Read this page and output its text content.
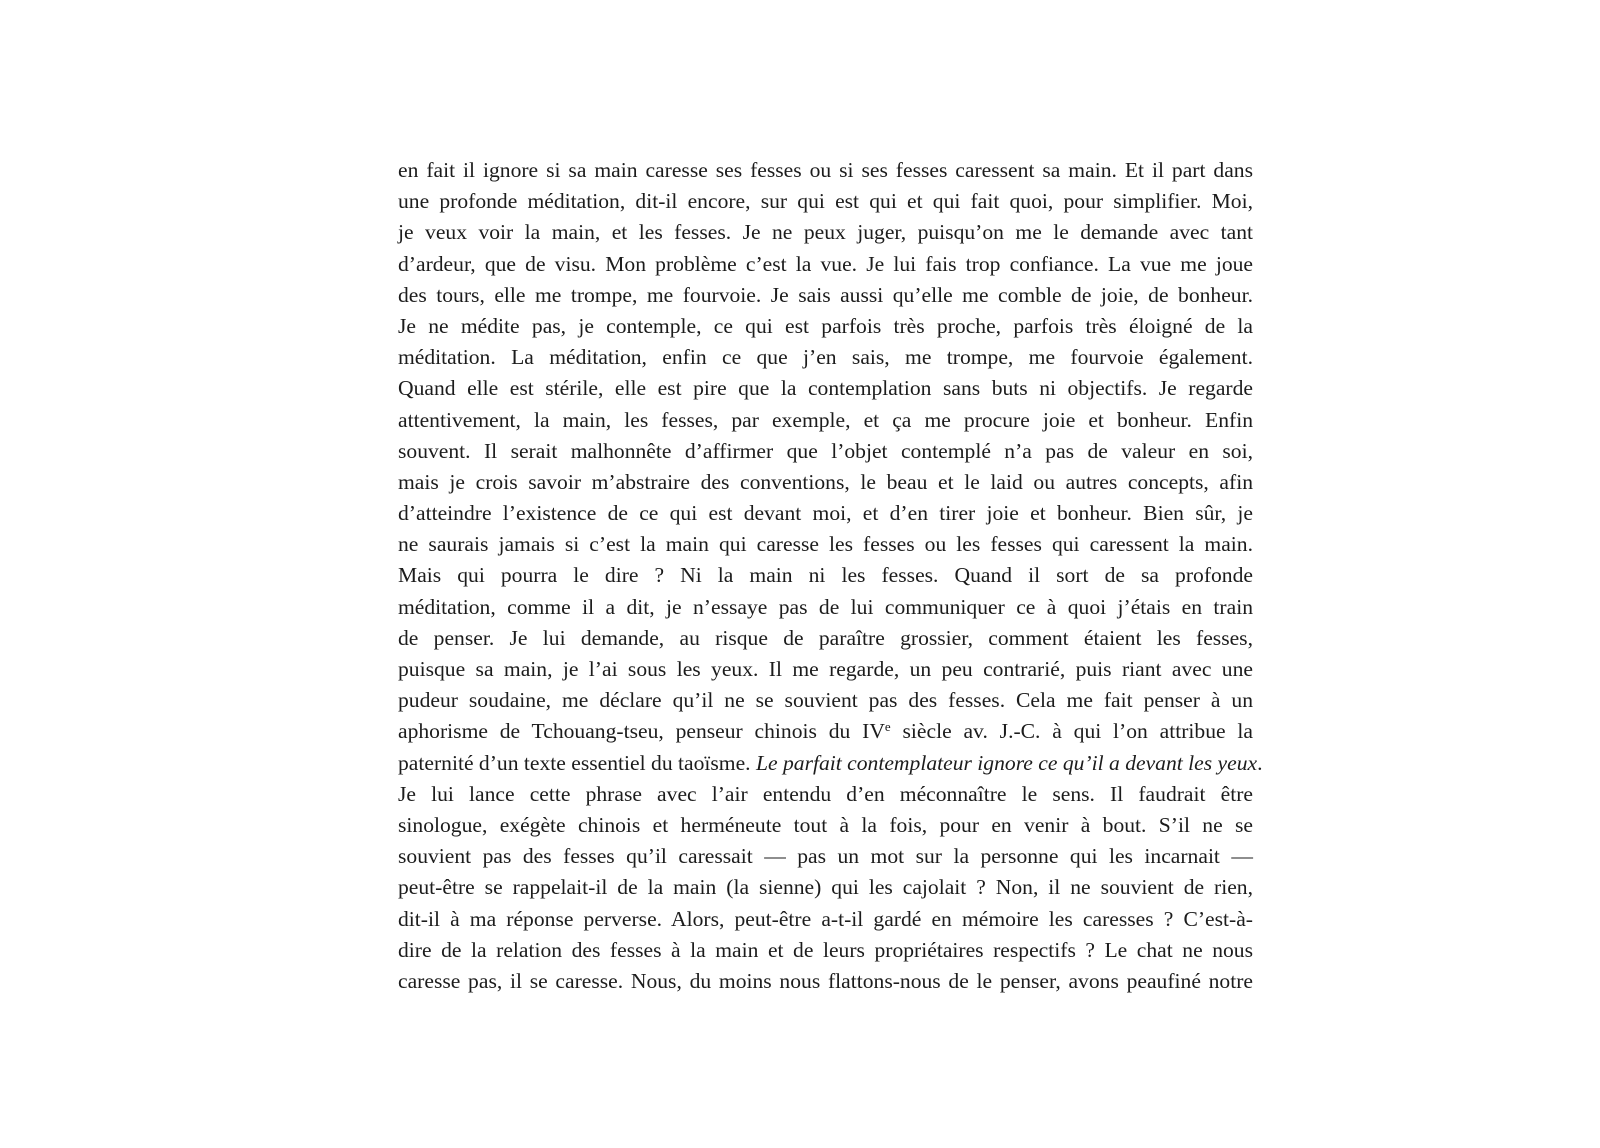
en fait il ignore si sa main caresse ses fesses ou si ses fesses caressent sa main. Et il part dans
une profonde méditation, dit-il encore, sur qui est qui et qui fait quoi, pour simplifier. Moi,
je veux voir la main, et les fesses. Je ne peux juger, puisqu’on me le demande avec tant
d’ardeur, que de visu. Mon problème c’est la vue. Je lui fais trop confiance. La vue me joue
des tours, elle me trompe, me fourvoie. Je sais aussi qu’elle me comble de joie, de bonheur.
Je ne médite pas, je contemple, ce qui est parfois très proche, parfois très éloigné de la
méditation. La méditation, enfin ce que j’en sais, me trompe, me fourvoie également.
Quand elle est stérile, elle est pire que la contemplation sans buts ni objectifs. Je regarde
attentivement, la main, les fesses, par exemple, et ça me procure joie et bonheur. Enfin
souvent. Il serait malhonnête d’affirmer que l’objet contemplé n’a pas de valeur en soi,
mais je crois savoir m’abstraire des conventions, le beau et le laid ou autres concepts, afin
d’atteindre l’existence de ce qui est devant moi, et d’en tirer joie et bonheur. Bien sûr, je
ne saurais jamais si c’est la main qui caresse les fesses ou les fesses qui caressent la main.
Mais qui pourra le dire ? Ni la main ni les fesses. Quand il sort de sa profonde
méditation, comme il a dit, je n’essaye pas de lui communiquer ce à quoi j’étais en train
de penser. Je lui demande, au risque de paraître grossier, comment étaient les fesses,
puisque sa main, je l’ai sous les yeux. Il me regarde, un peu contrarié, puis riant avec une
pudeur soudaine, me déclare qu’il ne se souvient pas des fesses. Cela me fait penser à un
aphorisme de Tchouang-tseu, penseur chinois du IVe siècle av. J.-C. à qui l’on attribue la
paternité d’un texte essentiel du taoïsme. Le parfait contemplateur ignore ce qu’il a devant les yeux.
Je lui lance cette phrase avec l’air entendu d’en méconnaître le sens. Il faudrait être
sinologue, exégète chinois et herméneute tout à la fois, pour en venir à bout. S’il ne se
souvient pas des fesses qu’il caressait — pas un mot sur la personne qui les incarnait —
peut-être se rappelait-il de la main (la sienne) qui les cajolait ? Non, il ne souvient de rien,
dit-il à ma réponse perverse. Alors, peut-être a-t-il gardé en mémoire les caresses ? C’est-à-
dire de la relation des fesses à la main et de leurs propriétaires respectifs ? Le chat ne nous
caresse pas, il se caresse. Nous, du moins nous flattons-nous de le penser, avons peaufiné notre
